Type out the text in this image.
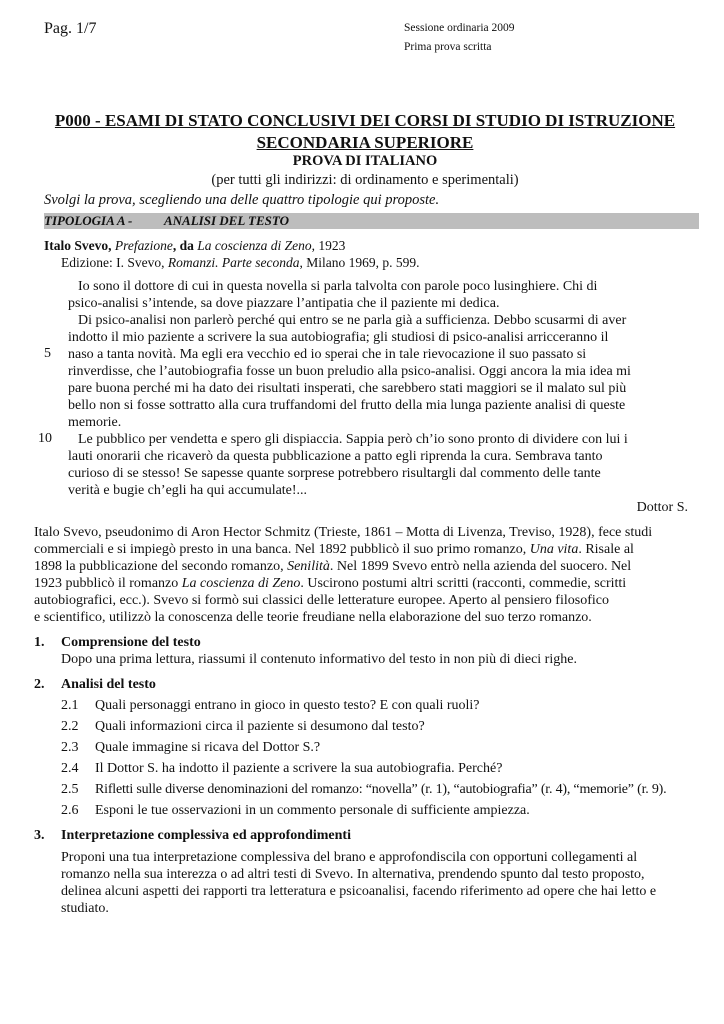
Pag. 1/7	Sessione ordinaria 2009
Prima prova scritta
P000 - ESAMI DI STATO CONCLUSIVI DEI CORSI DI STUDIO DI ISTRUZIONE
SECONDARIA SUPERIORE
PROVA DI ITALIANO
(per tutti gli indirizzi: di ordinamento e sperimentali)
Svolgi la prova, scegliendo una delle quattro tipologie qui proposte.
TIPOLOGIA A - ANALISI DEL TESTO
Italo Svevo, Prefazione, da La coscienza di Zeno, 1923
Edizione: I. Svevo, Romanzi. Parte seconda, Milano 1969, p. 599.
Io sono il dottore di cui in questa novella si parla talvolta con parole poco lusinghiere. Chi di
psico-analisi s’intende, sa dove piazzare l’antipatia che il paziente mi dedica.
Di psico-analisi non parlerò perché qui entro se ne parla già a sufficienza. Debbo scusarmi di aver
indotto il mio paziente a scrivere la sua autobiografia; gli studiosi di psico-analisi arricceranno il
naso a tanta novità. Ma egli era vecchio ed io sperai che in tale rievocazione il suo passato si
rinverdisse, che l’autobiografia fosse un buon preludio alla psico-analisi. Oggi ancora la mia idea mi
pare buona perché mi ha dato dei risultati insperati, che sarebbero stati maggiori se il malato sul più
bello non si fosse sottratto alla cura truffandomi del frutto della mia lunga paziente analisi di queste
memorie.
Le pubblico per vendetta e spero gli dispiaccia. Sappia però ch’io sono pronto di dividere con lui i
lauti onorarii che ricaverò da questa pubblicazione a patto egli riprenda la cura. Sembrava tanto
curioso di se stesso! Se sapesse quante sorprese potrebbero risultargli dal commento delle tante
verità e bugie ch’egli ha qui accumulate!...
5
10
Dottor S.
Italo Svevo, pseudonimo di Aron Hector Schmitz (Trieste, 1861 – Motta di Livenza, Treviso, 1928), fece studi
commerciali e si impiegò presto in una banca. Nel 1892 pubblicò il suo primo romanzo, Una vita. Risale al
1898 la pubblicazione del secondo romanzo, Senilità. Nel 1899 Svevo entrò nella azienda del suocero. Nel
1923 pubblicò il romanzo La coscienza di Zeno. Uscirono postumi altri scritti (racconti, commedie, scritti
autobiografici, ecc.). Svevo si formò sui classici delle letterature europee. Aperto al pensiero filosofico
e scientifico, utilizzò la conoscenza delle teorie freudiane nella elaborazione del suo terzo romanzo.
1. Comprensione del testo
Dopo una prima lettura, riassumi il contenuto informativo del testo in non più di dieci righe.
2. Analisi del testo
2.1 Quali personaggi entrano in gioco in questo testo? E con quali ruoli?
2.2 Quali informazioni circa il paziente si desumono dal testo?
2.3 Quale immagine si ricava del Dottor S.?
2.4 Il Dottor S. ha indotto il paziente a scrivere la sua autobiografia. Perché?
2.5 Rifletti sulle diverse denominazioni del romanzo: “novella” (r. 1), “autobiografia” (r. 4), “memorie” (r. 9).
2.6 Esponi le tue osservazioni in un commento personale di sufficiente ampiezza.
3. Interpretazione complessiva ed approfondimenti
Proponi una tua interpretazione complessiva del brano e approfondiscila con opportuni collegamenti al
romanzo nella sua interezza o ad altri testi di Svevo. In alternativa, prendendo spunto dal testo proposto,
delinea alcuni aspetti dei rapporti tra letteratura e psicoanalisi, facendo riferimento ad opere che hai letto e
studiato.
